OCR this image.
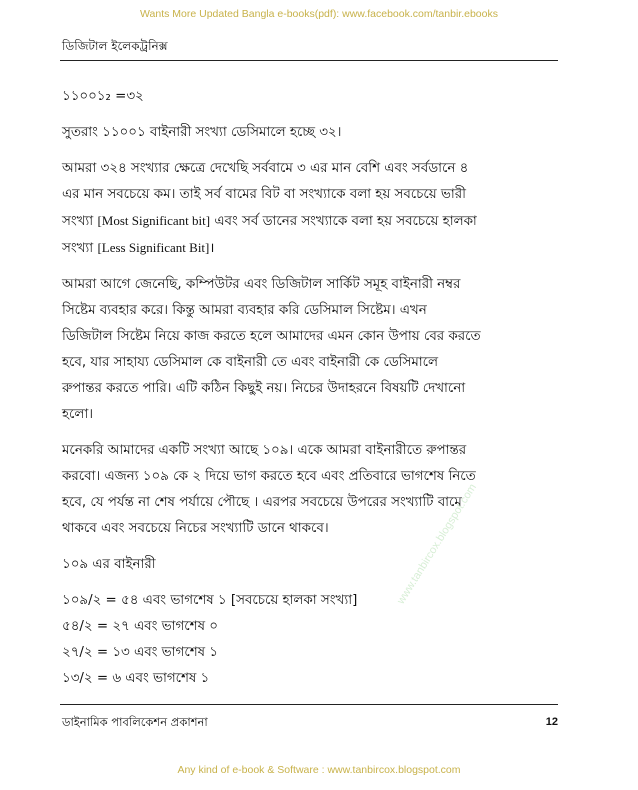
Wants More Updated Bangla e-books(pdf): www.facebook.com/tanbir.ebooks
ডিজিটাল ইলেকট্রনিক্স

১১০০১₂ =৩২

সুতরাং ১১০০১ বাইনারী সংখ্যা ডেসিমালে হচ্ছে ৩২।

আমরা ৩২৪ সংখ্যার ক্ষেত্রে দেখেছি সর্ববামে ৩ এর মান বেশি এবং সর্বডানে ৪
এর মান সবচেয়ে কম। তাই সর্ব বামের বিট বা সংখ্যাকে বলা হয় সবচেয়ে ভারী
সংখ্যা [Most Significant bit] এবং সর্ব ডানের সংখ্যাকে বলা হয় সবচেয়ে হালকা
সংখ্যা [Less Significant Bit]।

আমরা আগে জেনেছি, কম্পিউটর এবং ডিজিটাল সার্কিট সমূহ বাইনারী নম্বর
সিষ্টেম ব্যবহার করে। কিন্তু আমরা ব্যবহার করি ডেসিমাল সিষ্টেম। এখন
ডিজিটাল সিষ্টেম নিয়ে কাজ করতে হলে আমাদের এমন কোন উপায় বের করতে
হবে, যার সাহায্য ডেসিমাল কে বাইনারী তে এবং বাইনারী কে ডেসিমালে
রুপান্তর করতে পারি। এটি কঠিন কিছুই নয়। নিচের উদাহরনে বিষয়টি দেখানো
হলো।

মনেকরি আমাদের একটি সংখ্যা আছে ১০৯। একে আমরা বাইনারীতে রুপান্তর
করবো। এজন্য ১০৯ কে ২ দিয়ে ভাগ করতে হবে এবং প্রতিবারে ভাগশেষ নিতে
হবে, যে পর্যন্ত না শেষ পর্যায়ে পৌছে । এরপর সবচেয়ে উপরের সংখ্যাটি বামে
থাকবে এবং সবচেয়ে নিচের সংখ্যাটি ডানে থাকবে।

১০৯ এর বাইনারী

১০৯/২ = ৫৪ এবং ভাগশেষ ১ [সবচেয়ে হালকা সংখ্যা]
৫৪/২ = ২৭ এবং ভাগশেষ ০
২৭/২ = ১৩ এবং ভাগশেষ ১
১৩/২ = ৬ এবং ভাগশেষ ১
www.tanbircox.blogspot.com
ডাইনামিক পাবলিকেশন প্রকাশনা	12
Any kind of e-book & Software : www.tanbircox.blogspot.com
